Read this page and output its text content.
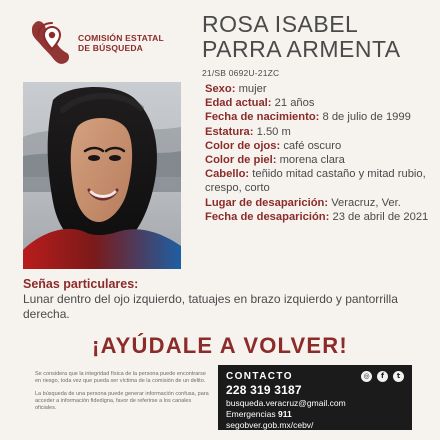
COMISIÓN ESTATAL
DE BÚSQUEDA
ROSA ISABEL
PARRA ARMENTA
21/SB 0692U-21ZC

Sexo: mujer

Edad actual: 21 años

Fecha de nacimiento: 8 de julio de 1999

Estatura: 1.50 m

Color de ojos: café oscuro

Color de piel: morena clara

Cabello: teñido mitad castaño y mitad rubio, crespo, corto

Lugar de desaparición: Veracruz, Ver.

Fecha de desaparición: 23 de abril de 2021

Señas particulares:
Lunar dentro del ojo izquierdo, tatuajes en brazo izquierdo y pantorrilla derecha.
¡AYÚDALE A VOLVER!
Se considera que la integridad física de la persona puede encontrarse en riesgo, toda vez que pueda ser víctima de la comisión de un delito.
La búsqueda de una persona puede generar información confusa, para acceder a información fidedigna, favor de referirse a los canales oficiales.
CONTACTO	◎	f	t
228 319 3187
busqueda.veracruz@gmail.com
Emergencias 911
segobver.gob.mx/cebv/
